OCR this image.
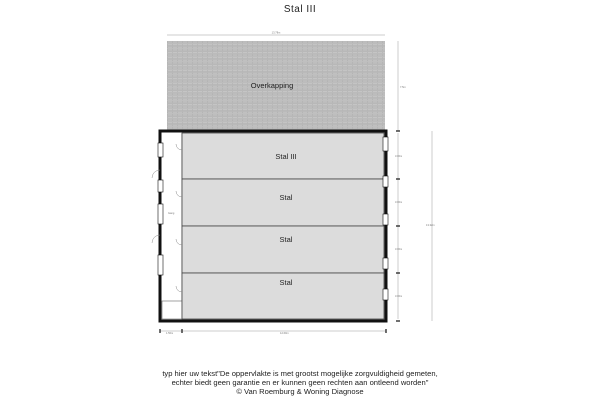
Stal III
Overkapping
13.78m
7.5m
Gang
Stal III
Stal
Stal
Stal
3.00m
3.00m
3.00m
3.00m
13.32m
1.50m	12.60m
typ hier uw tekst"De oppervlakte is met grootst mogelijke zorgvuldigheid gemeten,
echter biedt geen garantie en er kunnen geen rechten aan ontleend worden"
© Van Roemburg & Woning Diagnose
